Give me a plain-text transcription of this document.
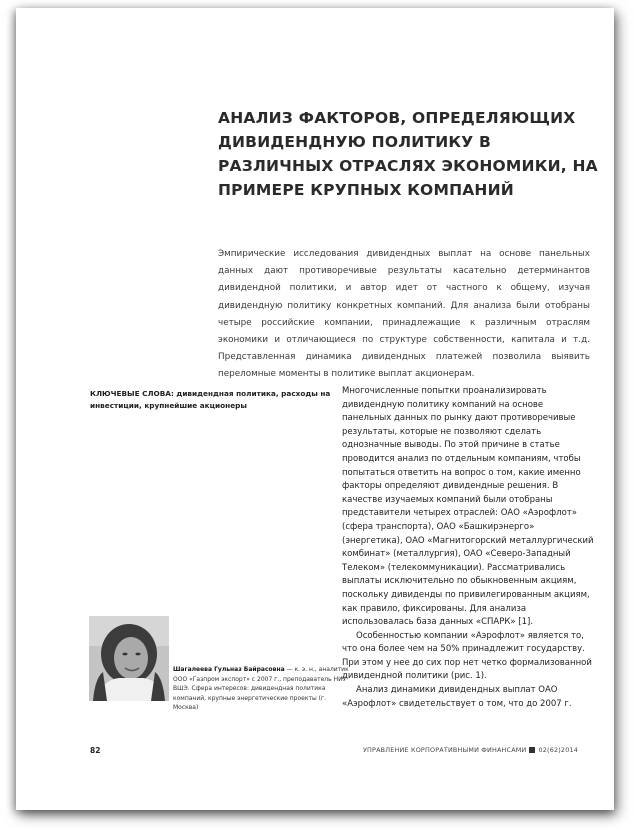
АНАЛИЗ ФАКТОРОВ, ОПРЕДЕЛЯЮЩИХ ДИВИДЕНДНУЮ ПОЛИТИКУ В РАЗЛИЧНЫХ ОТРАСЛЯХ ЭКОНОМИКИ, НА ПРИМЕРЕ КРУПНЫХ КОМПАНИЙ
Эмпирические исследования дивидендных выплат на основе панельных данных дают противоречивые результаты касательно детерминантов дивидендной политики, и автор идет от частного к общему, изучая дивидендную политику конкретных компаний. Для анализа были отобраны четыре российские компании, принадлежащие к различным отраслям экономики и отличающиеся по структуре собственности, капитала и т.д. Представленная динамика дивидендных платежей позволила выявить переломные моменты в политике выплат акционерам.
КЛЮЧЕВЫЕ СЛОВА: дивидендная политика, расходы на инвестиции, крупнейшие акционеры

Многочисленные попытки проанализировать дивидендную политику компаний на основе панельных данных по рынку дают противоречивые результаты, которые не позволяют сделать однозначные выводы. По этой причине в статье проводится анализ по отдельным компаниям, чтобы попытаться ответить на вопрос о том, какие именно факторы определяют дивидендные решения. В качестве изучаемых компаний были отобраны представители четырех отраслей: ОАО «Аэрофлот» (сфера транспорта), ОАО «Башкирэнерго» (энергетика), ОАО «Магнитогорский металлургический комбинат» (металлургия), ОАО «Северо-Западный Телеком» (телекоммуникации). Рассматривались выплаты исключительно по обыкновенным акциям, поскольку дивиденды по привилегированным акциям, как правило, фиксированы. Для анализа использовалась база данных «СПАРК» [1].

Особенностью компании «Аэрофлот» является то, что она более чем на 50% принадлежит государству. При этом у нее до сих пор нет четко формализованной дивидендной политики (рис. 1).

Анализ динамики дивидендных выплат ОАО «Аэрофлот» свидетельствует о том, что до 2007 г.

Шагалеева Гульназ Байрасовна — к. э. н., аналитик ООО «Газпром экспорт» с 2007 г., преподаватель НИУ ВШЭ. Сфера интересов: дивидендная политика компаний, крупные энергетические проекты (г. Москва)
82	УПРАВЛЕНИЕ КОРПОРАТИВНЫМИ ФИНАНСАМИ 02(62)2014
